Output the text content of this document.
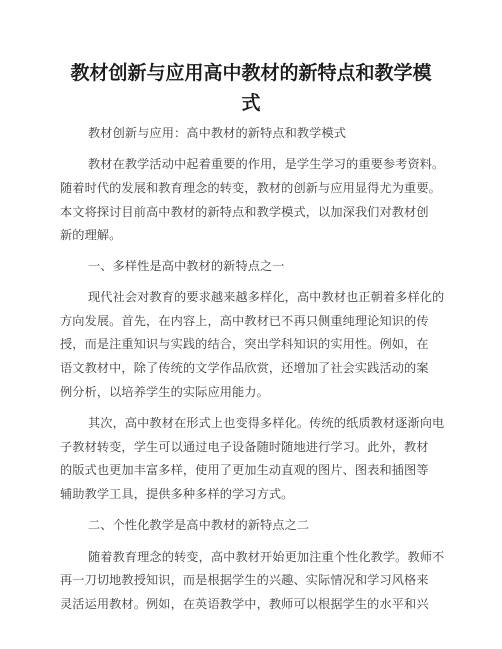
教材创新与应用高中教材的新特点和教学模
式
教材创新与应用：高中教材的新特点和教学模式
教材在教学活动中起着重要的作用，是学生学习的重要参考资料。
随着时代的发展和教育理念的转变，教材的创新与应用显得尤为重要。
本文将探讨目前高中教材的新特点和教学模式，以加深我们对教材创
新的理解。
一、多样性是高中教材的新特点之一
现代社会对教育的要求越来越多样化，高中教材也正朝着多样化的
方向发展。首先，在内容上，高中教材已不再只侧重纯理论知识的传
授，而是注重知识与实践的结合，突出学科知识的实用性。例如，在
语文教材中，除了传统的文学作品欣赏，还增加了社会实践活动的案
例分析，以培养学生的实际应用能力。
其次，高中教材在形式上也变得多样化。传统的纸质教材逐渐向电
子教材转变，学生可以通过电子设备随时随地进行学习。此外，教材
的版式也更加丰富多样，使用了更加生动直观的图片、图表和插图等
辅助教学工具，提供多种多样的学习方式。
二、个性化教学是高中教材的新特点之二
随着教育理念的转变，高中教材开始更加注重个性化教学。教师不
再一刀切地教授知识，而是根据学生的兴趣、实际情况和学习风格来
灵活运用教材。例如，在英语教学中，教师可以根据学生的水平和兴
